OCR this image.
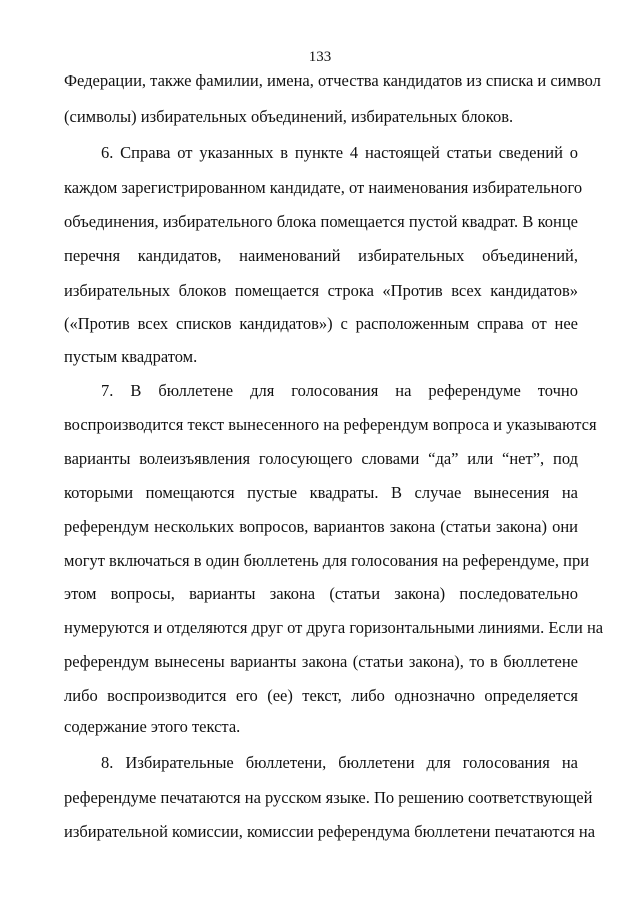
133
Федерации, также фамилии, имена, отчества кандидатов из списка и символ
(символы) избирательных объединений, избирательных блоков.
6. Справа от указанных в пункте 4 настоящей статьи сведений о
каждом зарегистрированном кандидате, от наименования избирательного
объединения, избирательного блока помещается пустой квадрат. В конце
перечня кандидатов, наименований избирательных объединений,
избирательных блоков помещается строка «Против всех кандидатов»
(«Против всех списков кандидатов») с расположенным справа от нее
пустым квадратом.
7. В бюллетене для голосования на референдуме точно
воспроизводится текст вынесенного на референдум вопроса и указываются
варианты волеизъявления голосующего словами “да” или “нет”, под
которыми помещаются пустые квадраты. В случае вынесения на
референдум нескольких вопросов, вариантов закона (статьи закона) они
могут включаться в один бюллетень для голосования на референдуме, при
этом вопросы, варианты закона (статьи закона) последовательно
нумеруются и отделяются друг от друга горизонтальными линиями. Если на
референдум вынесены варианты закона (статьи закона), то в бюллетене
либо воспроизводится его (ее) текст, либо однозначно определяется
содержание этого текста.
8. Избирательные бюллетени, бюллетени для голосования на
референдуме печатаются на русском языке. По решению соответствующей
избирательной комиссии, комиссии референдума бюллетени печатаются на
